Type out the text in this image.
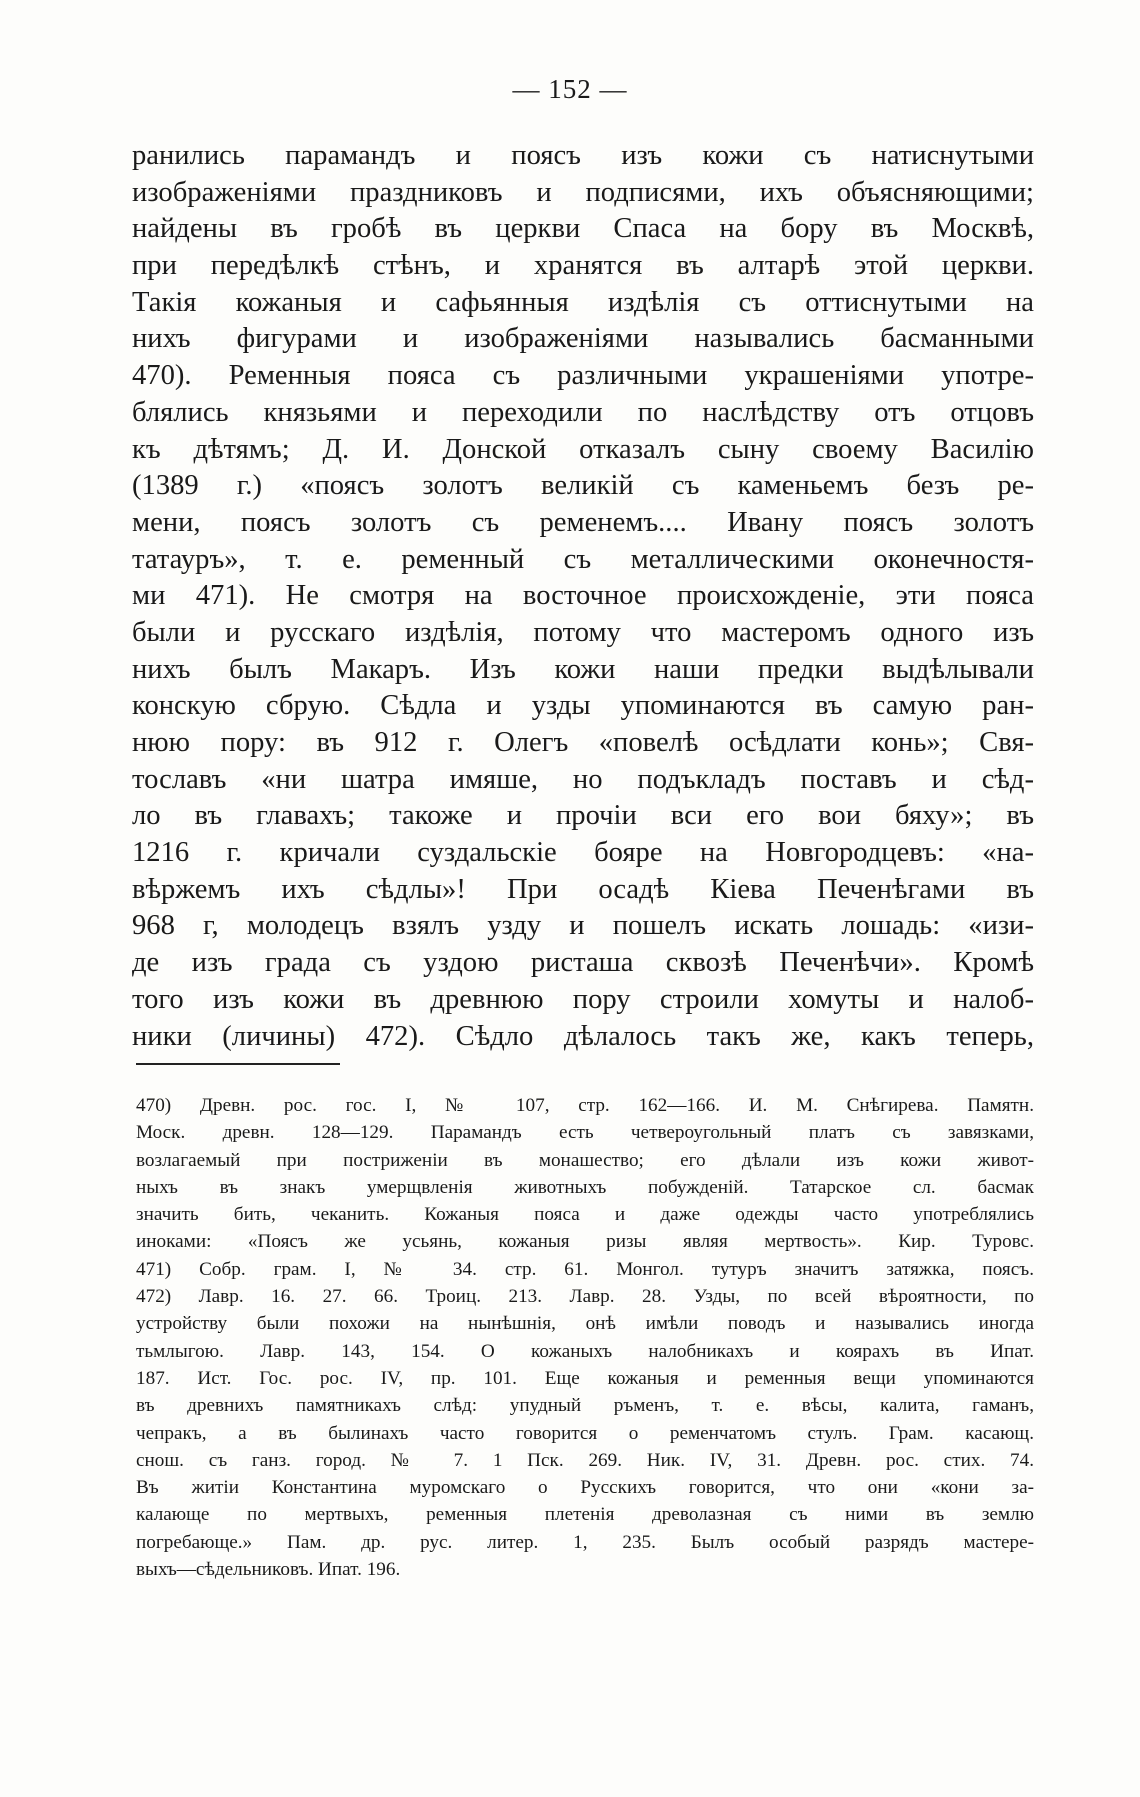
— 152 —
ранились парамандъ и поясъ изъ кожи съ натиснутыми
изображеніями праздниковъ и подписями, ихъ объясняющими;
найдены въ гробѣ въ церкви Спаса на бору въ Москвѣ,
при передѣлкѣ стѣнъ, и хранятся въ алтарѣ этой церкви.
Такія кожаныя и сафьянныя издѣлія съ оттиснутыми на
нихъ фигурами и изображеніями назывались басманными
470). Ременныя пояса съ различными украшеніями употре-
блялись князьями и переходили по наслѣдству отъ отцовъ
къ дѣтямъ; Д. И. Донской отказалъ сыну своему Василію
(1389 г.) «поясъ золотъ великій съ каменьемъ безъ ре-
мени, поясъ золотъ съ ременемъ.... Ивану поясъ золотъ
татауръ», т. е. ременный съ металлическими оконечностя-
ми 471). Не смотря на восточное происхожденіе, эти пояса
были и русскаго издѣлія, потому что мастеромъ одного изъ
нихъ былъ Макаръ. Изъ кожи наши предки выдѣлывали
конскую сбрую. Сѣдла и узды упоминаются въ самую ран-
нюю пору: въ 912 г. Олегъ «повелѣ осѣдлати конь»; Свя-
тославъ «ни шатра имяше, но подъкладъ поставъ и сѣд-
ло въ главахъ; такоже и прочіи вси его вои бяху»; въ
1216 г. кричали суздальскіе бояре на Новгородцевъ: «на-
вѣржемъ ихъ сѣдлы»! При осадѣ Кіева Печенѣгами въ
968 г, молодецъ взялъ узду и пошелъ искать лошадь: «изи-
де изъ града съ уздою ристаша сквозѣ Печенѣчи». Кромѣ
того изъ кожи въ древнюю пору строили хомуты и налоб-
ники (личины) 472). Сѣдло дѣлалось такъ же, какъ теперь,
470) Древн. рос. гос. I, № 107, стр. 162—166. И. М. Снѣгирева. Памятн.
Моск. древн. 128—129. Парамандъ есть четвероугольный платъ съ завязками,
возлагаемый при постриженіи въ монашество; его дѣлали изъ кожи живот-
ныхъ въ знакъ умерщвленія животныхъ побужденій. Татарское сл. басмак
значить бить, чеканить. Кожаныя пояса и даже одежды часто употреблялись
иноками: «Поясъ же усьянь, кожаныя ризы являя мертвость». Кир. Туровс.
471) Собр. грам. I, № 34. стр. 61. Монгол. тутуръ значитъ затяжка, поясъ.
472) Лавр. 16. 27. 66. Троиц. 213. Лавр. 28. Узды, по всей вѣроятности, по
устройству были похожи на нынѣшнія, онѣ имѣли поводъ и назывались иногда
тьмлыгою. Лавр. 143, 154. О кожаныхъ налобникахъ и коярахъ въ Ипат.
187. Ист. Гос. рос. IV, пр. 101. Еще кожаныя и ременныя вещи упоминаются
въ древнихъ памятникахъ слѣд: упудный ръменъ, т. е. вѣсы, калита, гаманъ,
чепракъ, а въ былинахъ часто говорится о ременчатомъ стулъ. Грам. касающ.
снош. съ ганз. город. № 7. 1 Пск. 269. Ник. IV, 31. Древн. рос. стих. 74.
Въ житіи Константина муромскаго о Русскихъ говорится, что они «кони за-
калающе по мертвыхъ, ременныя плетенія древолазная съ ними въ землю
погребающе.» Пам. др. рус. литер. 1, 235. Былъ особый разрядъ мастере-
выхъ—сѣдельниковъ. Ипат. 196.
